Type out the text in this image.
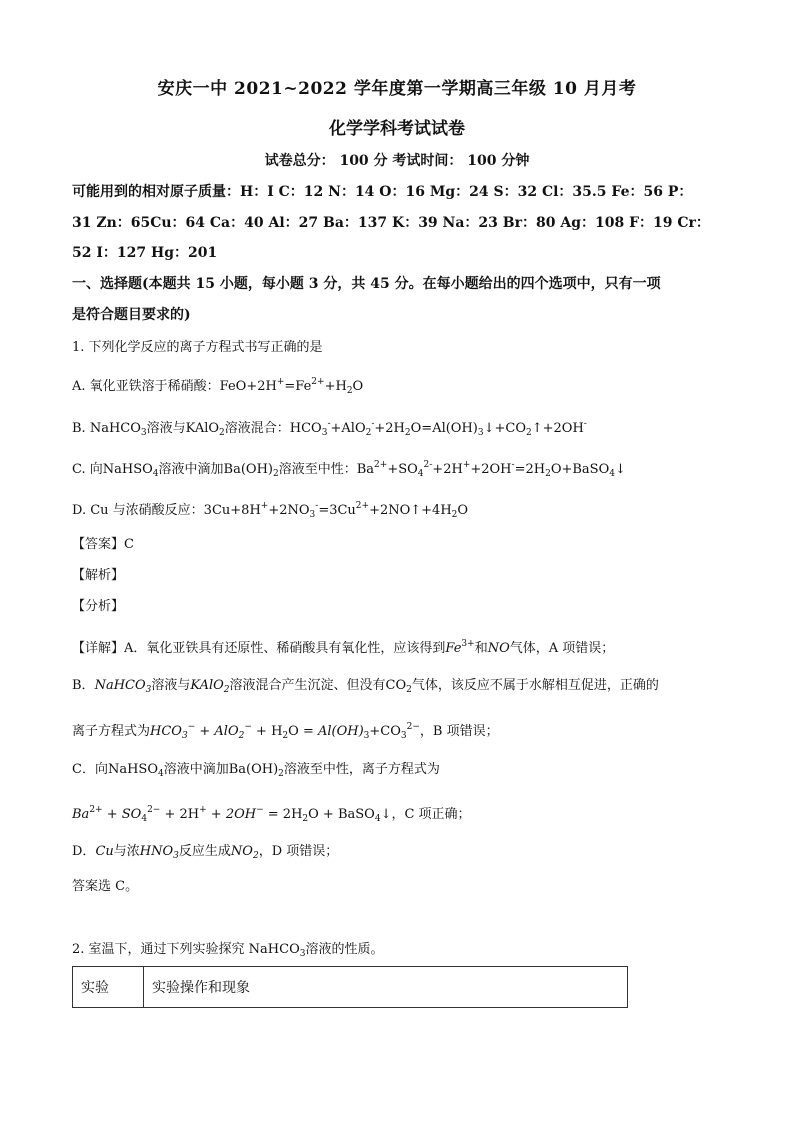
安庆一中 2021~2022 学年度第一学期高三年级 10 月月考
化学学科考试试卷
试卷总分： 100 分 考试时间： 100 分钟
可能用到的相对原子质量：H：I C：12 N：14 O：16 Mg：24 S：32 Cl：35.5 Fe：56 P：
31 Zn：65Cu：64 Ca：40 Al：27 Ba：137 K：39 Na：23 Br：80 Ag：108 F：19 Cr：
52 I：127 Hg：201
一、选择题(本题共 15 小题，每小题 3 分，共 45 分。在每小题给出的四个选项中，只有一项
是符合题目要求的)
1. 下列化学反应的离子方程式书写正确的是
A. 氧化亚铁溶于稀硝酸：$FeO+2H^+=Fe^{2+}+H_2O$
B. NaHCO$_3$溶液与KAlO$_2$溶液混合：$HCO_3^-+AlO_2^-+2H_2O=Al(OH)_3↓+CO_2↑+2OH^-$
C. 向NaHSO$_4$溶液中滴加$Ba(OH)_2$溶液至中性：$Ba^{2+}+SO_4^{2-}+2H^++2OH^-=2H_2O+BaSO_4↓$
D. Cu 与浓硝酸反应：$3Cu+8H^++2NO_3^-=3Cu^{2+}+2NO↑+4H_2O$
【答案】C
【解析】
【分析】
【详解】A．氧化亚铁具有还原性、稀硝酸具有氧化性，应该得到$Fe^{3+}$和NO气体，A 项错误；
B．NaHCO$_3$溶液与KAlO$_2$溶液混合产生沉淀、但没有$CO_2$气体，该反应不属于水解相互促进，正确的
离子方程式为$HCO_3^- + AlO_2^- + H_2O = Al(OH)_3+CO_3^{2-}$，B 项错误；
C．向NaHSO$_4$溶液中滴加$Ba(OH)_2$溶液至中性，离子方程式为
$Ba^{2+} + SO_4^{2-} + 2H^+ + 2OH^- = 2H_2O$ + BaSO$_4$↓，C 项正确；
D．Cu与浓$HNO_3$反应生成$NO_2$，D 项错误；
答案选 C。
2. 室温下，通过下列实验探究 NaHCO$_3$溶液的性质。
实验	实验操作和现象
